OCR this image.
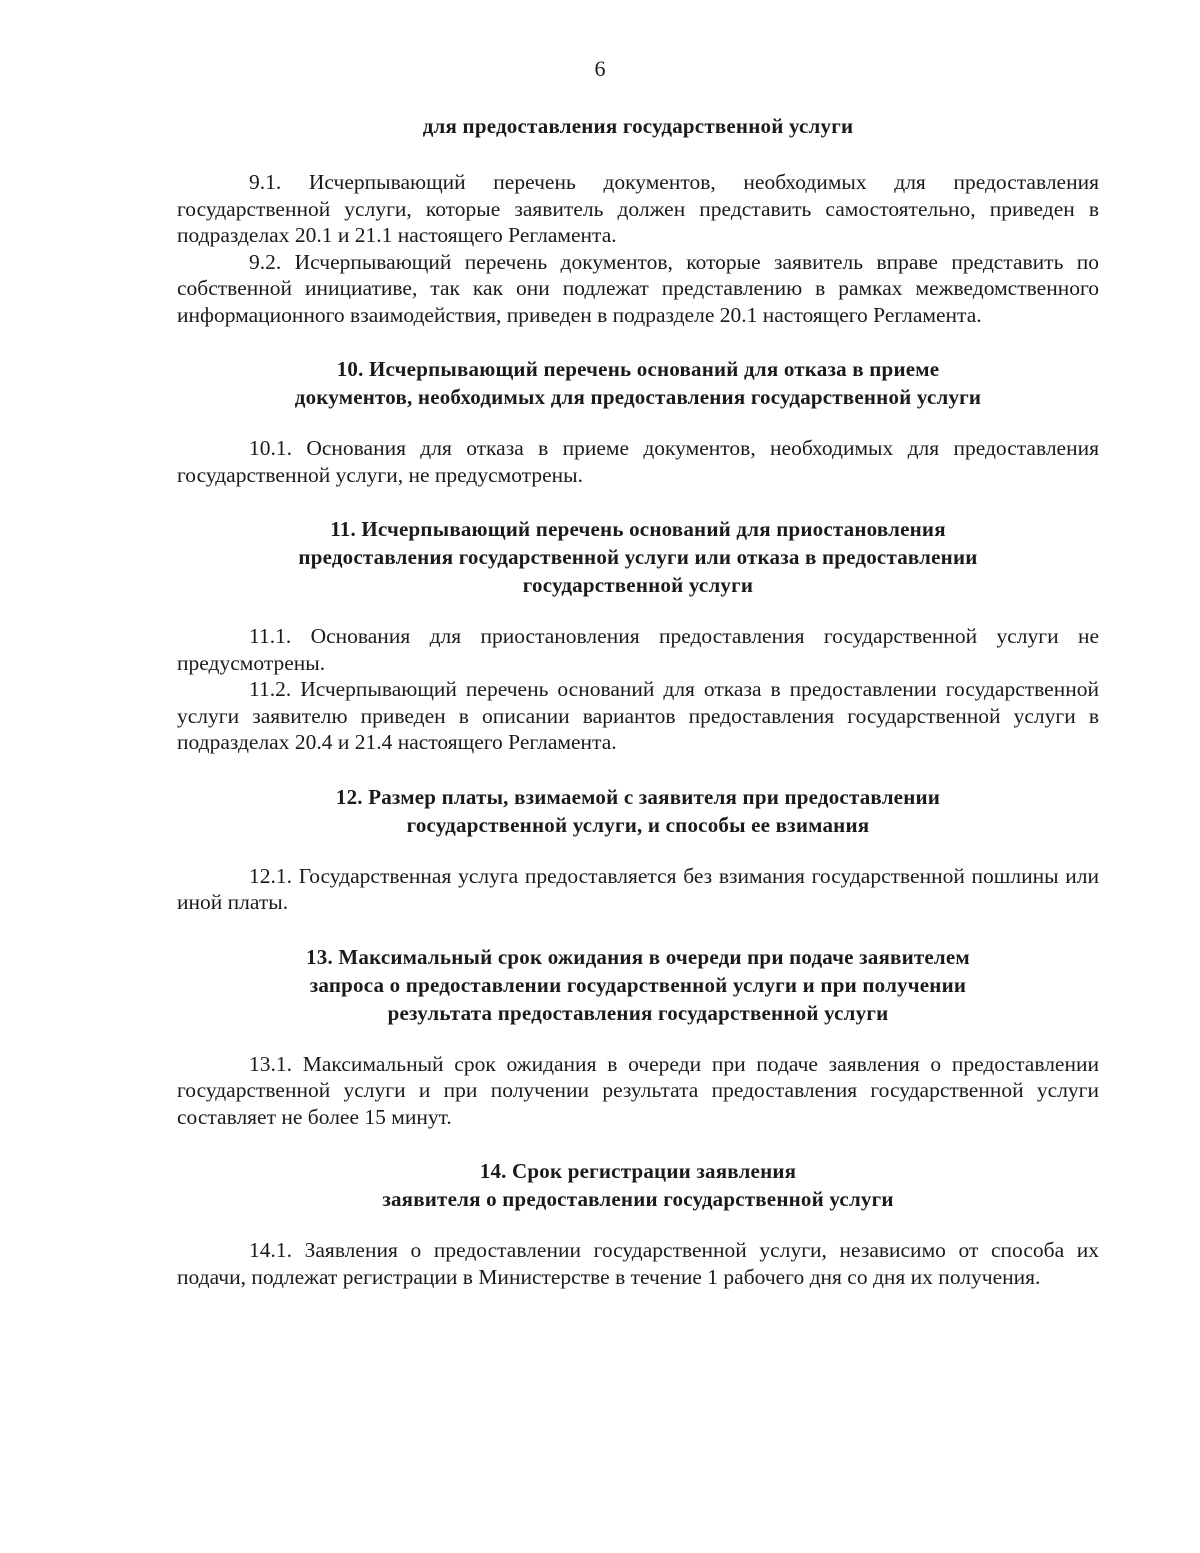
6
для предоставления государственной услуги

9.1. Исчерпывающий перечень документов, необходимых для предоставления государственной услуги, которые заявитель должен представить самостоятельно, приведен в подразделах 20.1 и 21.1 настоящего Регламента.

9.2. Исчерпывающий перечень документов, которые заявитель вправе представить по собственной инициативе, так как они подлежат представлению в рамках межведомственного информационного взаимодействия, приведен в подразделе 20.1 настоящего Регламента.

10. Исчерпывающий перечень оснований для отказа в приеме
документов, необходимых для предоставления государственной услуги

10.1. Основания для отказа в приеме документов, необходимых для предоставления государственной услуги, не предусмотрены.

11. Исчерпывающий перечень оснований для приостановления
предоставления государственной услуги или отказа в предоставлении
государственной услуги

11.1. Основания для приостановления предоставления государственной услуги не предусмотрены.

11.2. Исчерпывающий перечень оснований для отказа в предоставлении государственной услуги заявителю приведен в описании вариантов предоставления государственной услуги в подразделах 20.4 и 21.4 настоящего Регламента.

12. Размер платы, взимаемой с заявителя при предоставлении
государственной услуги, и способы ее взимания

12.1. Государственная услуга предоставляется без взимания государственной пошлины или иной платы.

13. Максимальный срок ожидания в очереди при подаче заявителем
запроса о предоставлении государственной услуги и при получении
результата предоставления государственной услуги

13.1. Максимальный срок ожидания в очереди при подаче заявления о предоставлении государственной услуги и при получении результата предоставления государственной услуги составляет не более 15 минут.

14. Срок регистрации заявления
заявителя о предоставлении государственной услуги

14.1. Заявления о предоставлении государственной услуги, независимо от способа их подачи, подлежат регистрации в Министерстве в течение 1 рабочего дня со дня их получения.
